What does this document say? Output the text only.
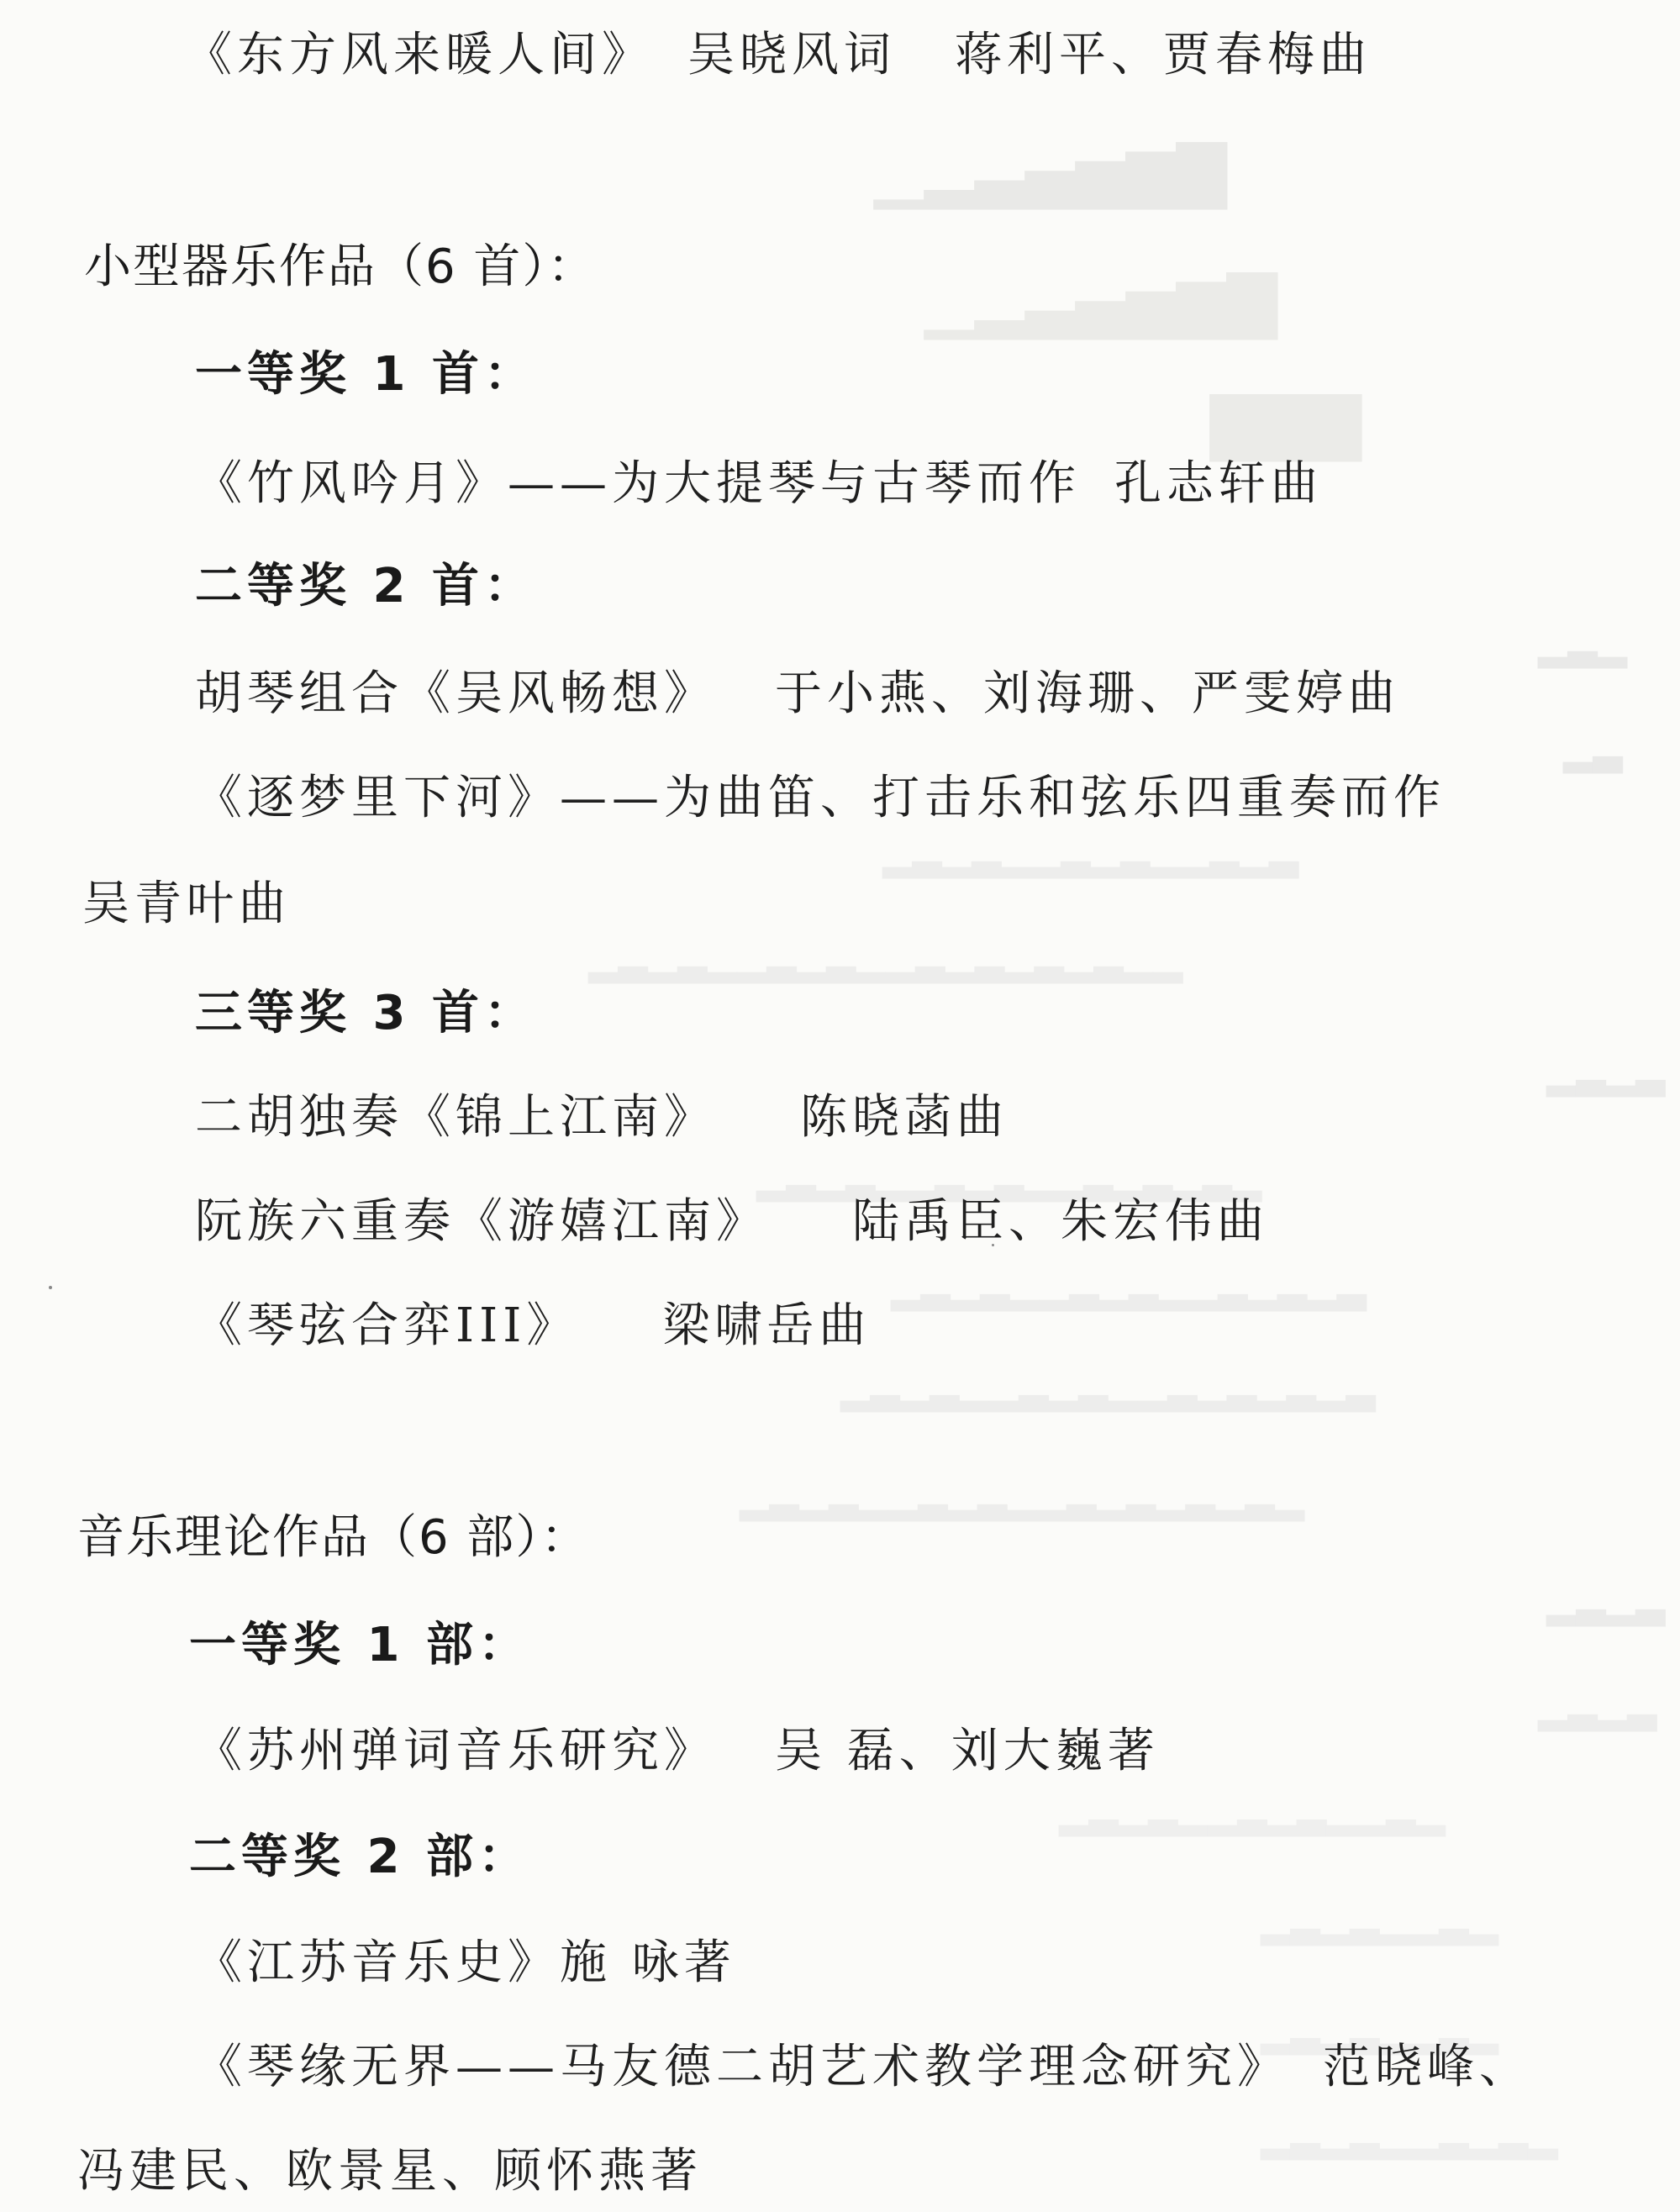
▁▂▃▄▅▆▇
▁▂▃▄▅▆▇
▇▇▇
▂▃▂
▂▃
▂▃▂▃▂▂▃▂▃▂▂▃▂▃
▂▃▂▃▂▂▃▂▃▂▂▃▂▃▂▃▂▃▂▂
▂▃▂▃
▂▃▂▃▂▂▃▂▃▂▂▃▂▃▂▃▂
▂▃▂▃▂▂▃▂▃▂▂▃▂▃▂▃
▂▃▂▃▂▂▃▂▃▂▂▃▂▃▂▃▂▃
▂▃▂▃▂▂▃▂▃▂▂▃▂▃▂▃▂▃▂
▂▃▂▃
▂▃▂▃
▂▃▂▃▂▂▃▂▃▂▂▃▂
▂▃▂▃▂▂▃▂
▂▃▂▃▂▂▃▂
▂▃▂▃▂▂▃▂▃▂
《东方风来暖人间》 吴晓风词 蒋利平、贾春梅曲
小型器乐作品（6 首）：
一等奖 1 首：
《竹风吟月》——为大提琴与古琴而作 孔志轩曲
二等奖 2 首：
胡琴组合《吴风畅想》 于小燕、刘海珊、严雯婷曲
《逐梦里下河》——为曲笛、打击乐和弦乐四重奏而作
吴青叶曲
三等奖 3 首：
二胡独奏《锦上江南》 陈晓菡曲
阮族六重奏《游嬉江南》 陆禹臣、朱宏伟曲
《琴弦合弈III》 梁啸岳曲
音乐理论作品（6 部）：
一等奖 1 部：
《苏州弹词音乐研究》 吴 磊、刘大巍著
二等奖 2 部：
《江苏音乐史》施 咏著
《琴缘无界——马友德二胡艺术教学理念研究》 范晓峰、
冯建民、欧景星、顾怀燕著
